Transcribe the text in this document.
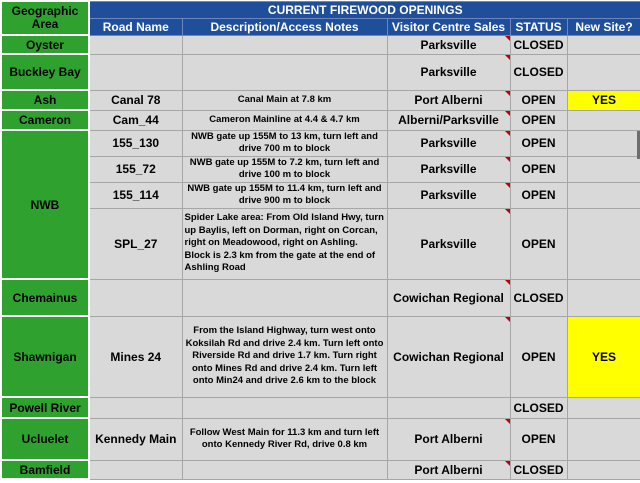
Geographic Area	CURRENT FIREWOOD OPENINGS				
	Road Name	Description/Access Notes	Visitor Centre Sales	STATUS	New Site?
Oyster			Parksville	CLOSED	
Buckley Bay			Parksville	CLOSED	
Ash	Canal 78	Canal Main at 7.8 km	Port Alberni	OPEN	YES
Cameron	Cam_44	Cameron Mainline at 4.4 & 4.7 km	Alberni/Parksville	OPEN	
NWB	155_130	NWB gate up 155M to 13 km, turn left and drive 700 m to block	Parksville	OPEN	
	155_72	NWB gate up 155M to 7.2 km, turn left and drive 100 m to block	Parksville	OPEN	
	155_114	NWB gate up 155M to 11.4 km, turn left and drive 900 m to block	Parksville	OPEN	
	SPL_27	Spider Lake area: From Old Island Hwy, turn up Baylis, left on Dorman, right on Corcan, right on Meadowood, right on Ashling. Block is 2.3 km from the gate at the end of Ashling Road	Parksville	OPEN	
Chemainus			Cowichan Regional	CLOSED	
Shawnigan	Mines 24	From the Island Highway, turn west onto Koksilah Rd and drive 2.4 km. Turn left onto Riverside Rd and drive 1.7 km. Turn right onto Mines Rd and drive 2.4 km. Turn left onto Min24 and drive 2.6 km to the block	Cowichan Regional	OPEN	YES
Powell River				CLOSED	
Ucluelet	Kennedy Main	Follow West Main for 11.3 km and turn left onto Kennedy River Rd, drive 0.8 km	Port Alberni	OPEN	
Bamfield			Port Alberni	CLOSED	
